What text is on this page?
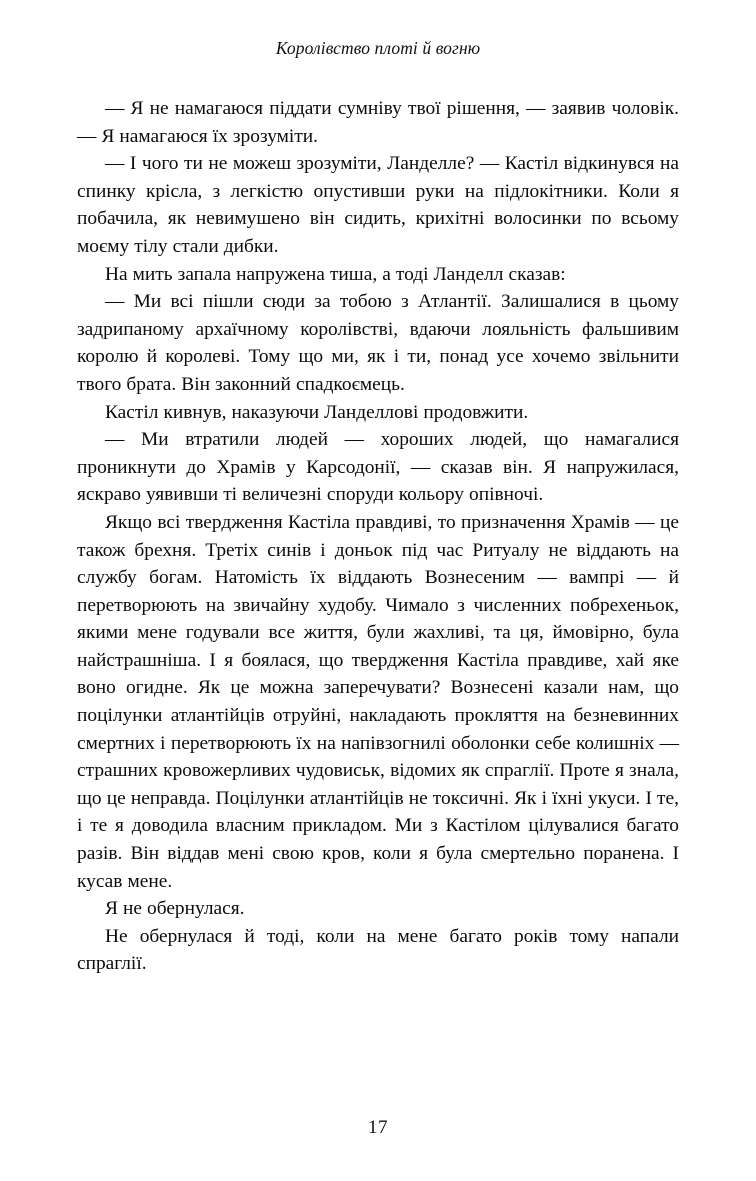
Королівство плоті й вогню

— Я не намагаюся піддати сумніву твої рішення, — заявив чоловік. — Я намагаюся їх зрозуміти.

— І чого ти не можеш зрозуміти, Ланделле? — Кастіл відкинувся на спинку крісла, з легкістю опустивши руки на підлокітники. Коли я побачила, як невимушено він сидить, крихітні волосинки по всьому моєму тілу стали дибки.

На мить запала напружена тиша, а тоді Ланделл сказав:

— Ми всі пішли сюди за тобою з Атлантії. Залишалися в цьому задрипаному архаїчному королівстві, вдаючи лояльність фальшивим королю й королеві. Тому що ми, як і ти, понад усе хочемо звільнити твого брата. Він законний спадкоємець.

Кастіл кивнув, наказуючи Ланделлові продовжити.

— Ми втратили людей — хороших людей, що намагалися проникнути до Храмів у Карсодонії, — сказав він. Я напружилася, яскраво уявивши ті величезні споруди кольору опівночі.

Якщо всі твердження Кастіла правдиві, то призначення Храмів — це також брехня. Третіх синів і доньок під час Ритуалу не віддають на службу богам. Натомість їх віддають Вознесеним — вампрі — й перетворюють на звичайну худобу. Чимало з численних побрехеньок, якими мене годували все життя, були жахливі, та ця, ймовірно, була найстрашніша. І я боялася, що твердження Кастіла правдиве, хай яке воно огидне. Як це можна заперечувати? Вознесені казали нам, що поцілунки атлантійців отруйні, накладають прокляття на безневинних смертних і перетворюють їх на напівзогнилі оболонки себе колишніх — страшних кровожерливих чудовиськ, відомих як спраглії. Проте я знала, що це неправда. Поцілунки атлантійців не токсичні. Як і їхні укуси. І те, і те я доводила власним прикладом. Ми з Кастілом цілувалися багато разів. Він віддав мені свою кров, коли я була смертельно поранена. І кусав мене.

Я не обернулася.

Не обернулася й тоді, коли на мене багато років тому напали спраглії.

17
